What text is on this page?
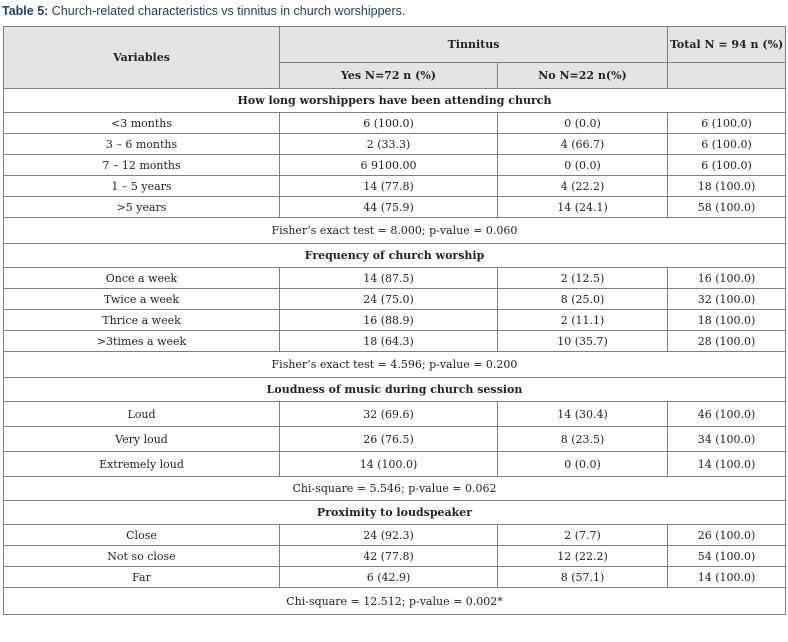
Table 5: Church-related characteristics vs tinnitus in church worshippers.
Variables	Tinnitus		Total N = 94 n (%)
	Yes N=72 n (%)	No N=22 n(%)	
How long worshippers have been attending church			
<3 months	6 (100.0)	0 (0.0)	6 (100.0)
3 – 6 months	2 (33.3)	4 (66.7)	6 (100.0)
7 – 12 months	6 9100.00	0 (0.0)	6 (100.0)
1 – 5 years	14 (77.8)	4 (22.2)	18 (100.0)
>5 years	44 (75.9)	14 (24.1)	58 (100.0)
Fisher’s exact test = 8.000; p-value = 0.060			
Frequency of church worship			
Once a week	14 (87.5)	2 (12.5)	16 (100.0)
Twice a week	24 (75.0)	8 (25.0)	32 (100.0)
Thrice a week	16 (88.9)	2 (11.1)	18 (100.0)
>3times a week	18 (64.3)	10 (35.7)	28 (100.0)
Fisher’s exact test = 4.596; p-value = 0.200			
Loudness of music during church session			
Loud	32 (69.6)	14 (30.4)	46 (100.0)
Very loud	26 (76.5)	8 (23.5)	34 (100.0)
Extremely loud	14 (100.0)	0 (0.0)	14 (100.0)
Chi-square = 5.546; p-value = 0.062			
Proximity to loudspeaker			
Close	24 (92.3)	2 (7.7)	26 (100.0)
Not so close	42 (77.8)	12 (22.2)	54 (100.0)
Far	6 (42.9)	8 (57.1)	14 (100.0)
Chi-square = 12.512; p-value = 0.002*			
